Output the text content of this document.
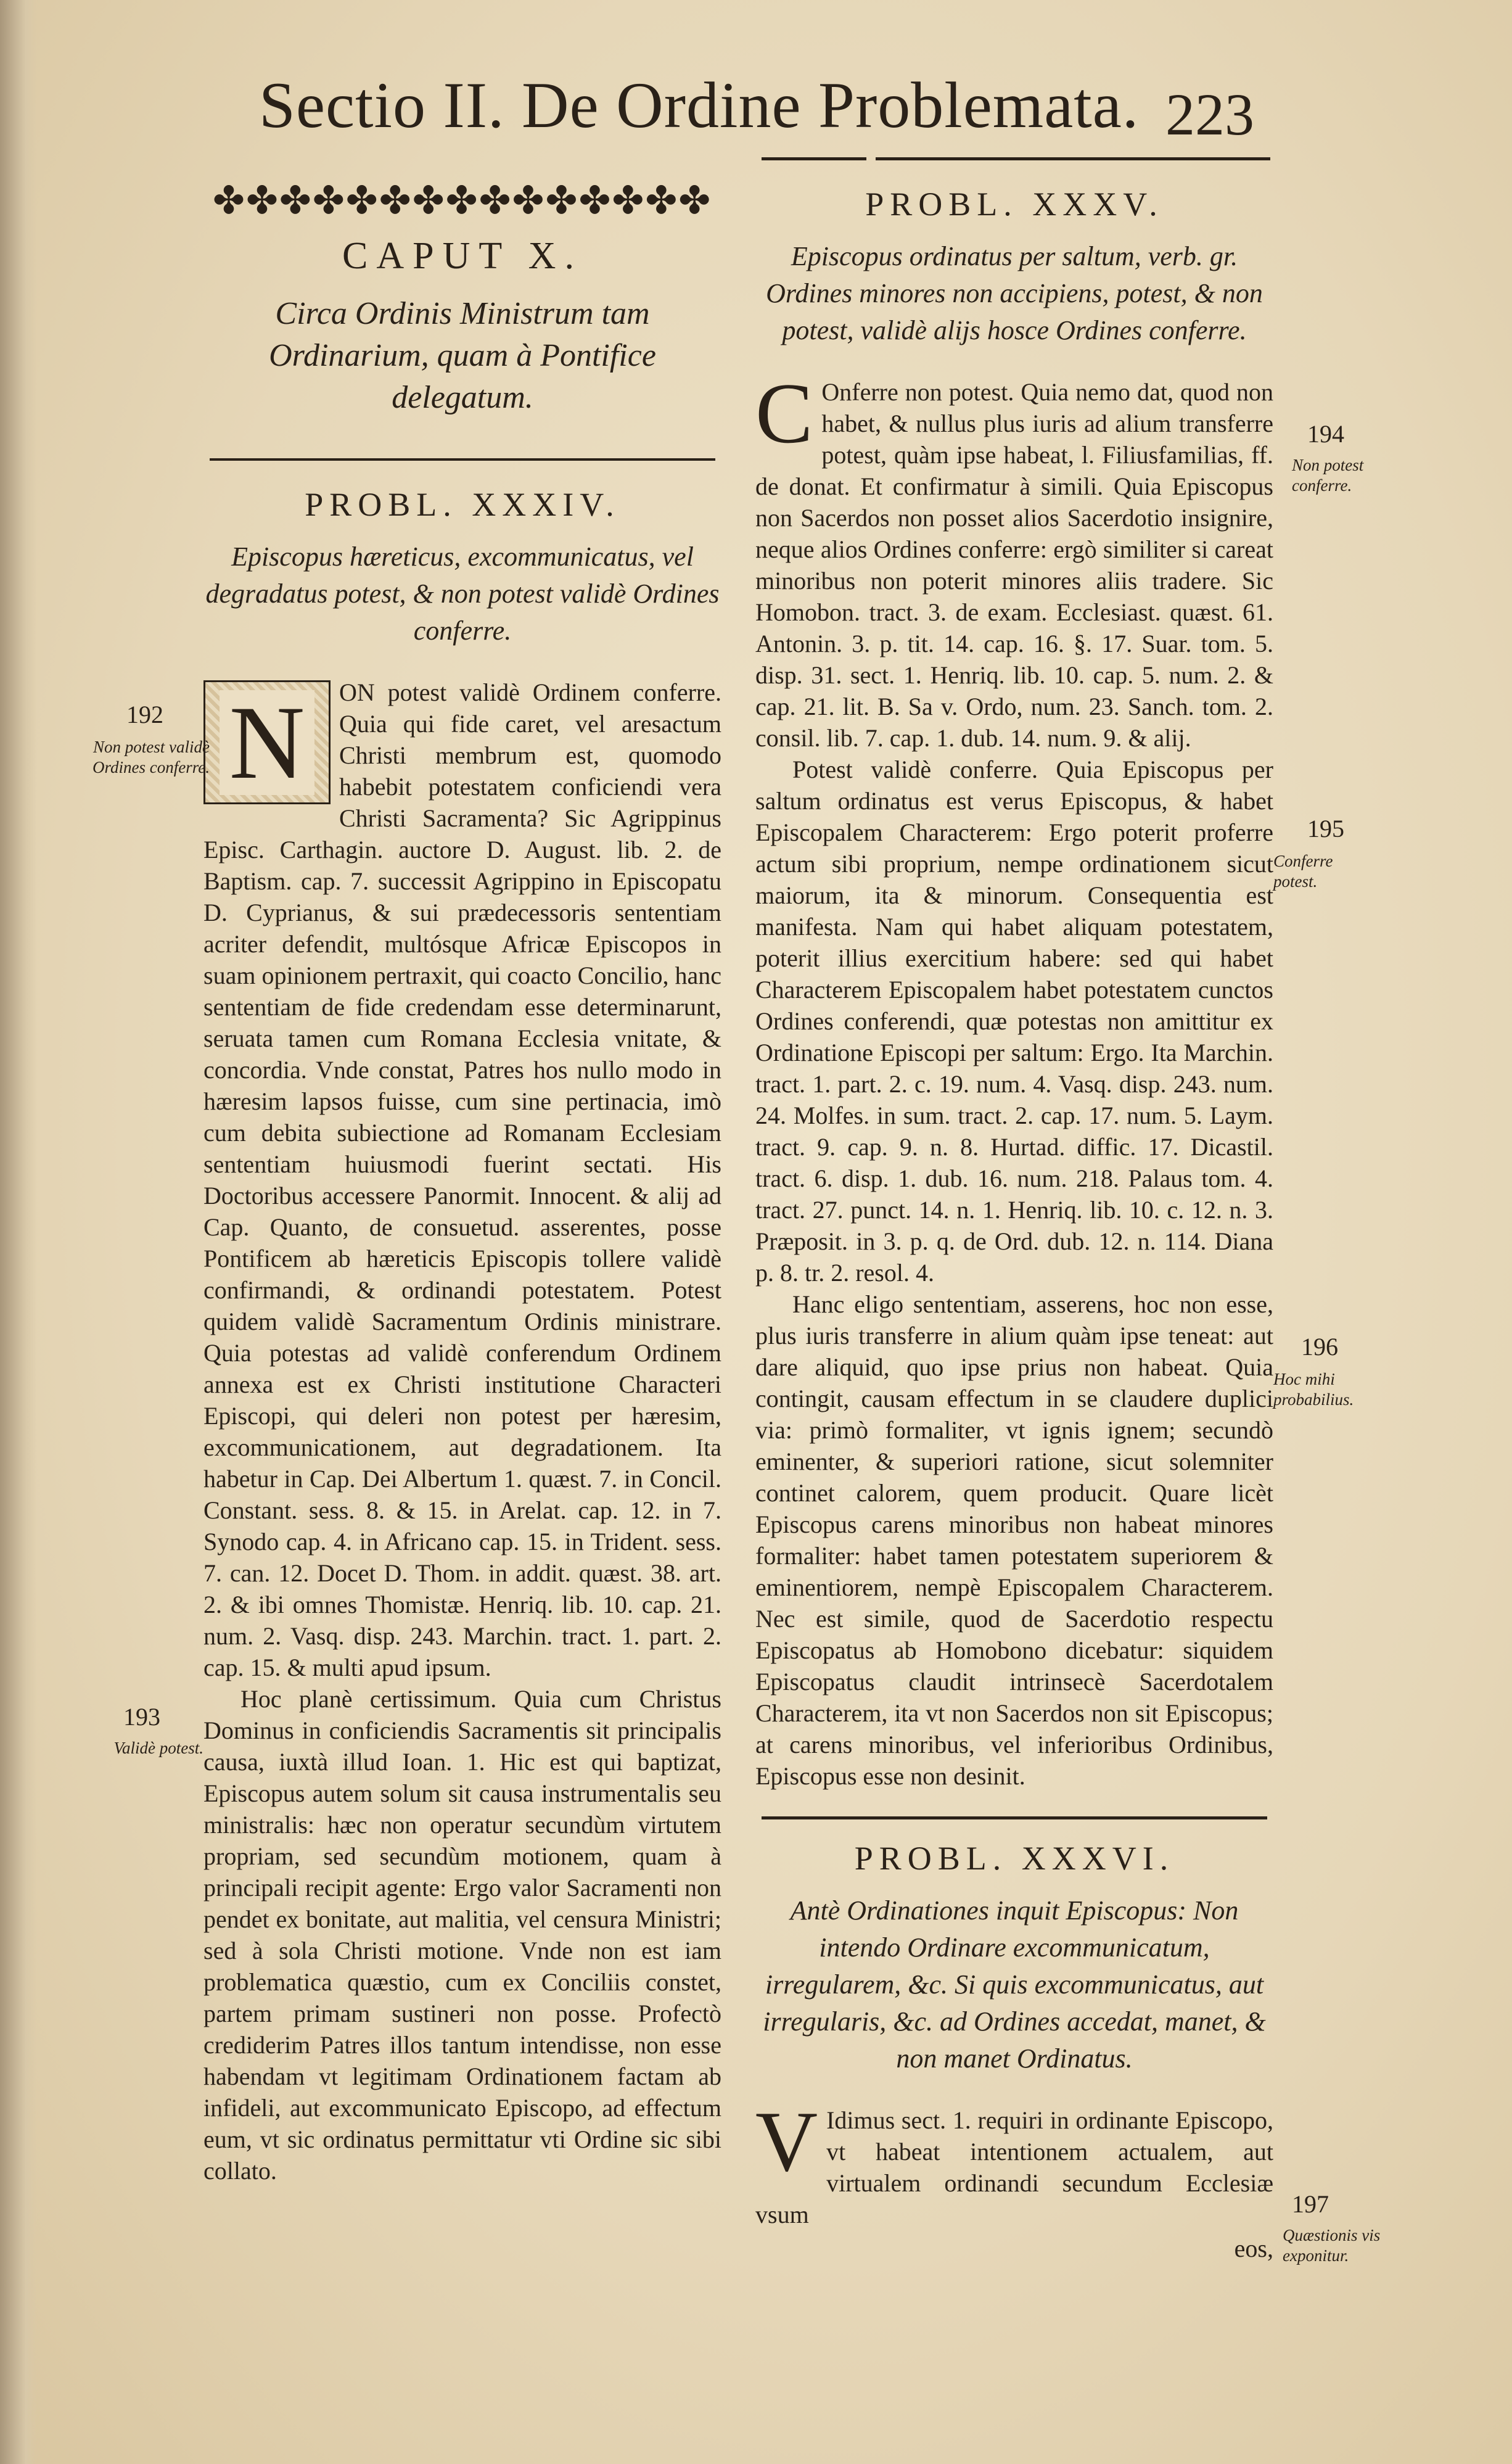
Sectio II. De Ordine Problemata. 223
✤✤✤✤✤✤✤✤✤✤✤✤✤✤✤
CAPUT X.
Circa Ordinis Ministrum tam Ordinarium, quam à Pontifice delegatum.
PROBL. XXXIV.
Episcopus hæreticus, excommunicatus, vel degradatus potest, & non potest validè Ordines conferre.

N	ON potest validè Ordinem conferre. Quia qui fide caret, vel aresactum Christi membrum est, quomodo habebit potestatem conficiendi vera Christi Sacramenta? Sic Agrippinus Episc. Carthagin. auctore D. August. lib. 2. de Baptism. cap. 7. successit Agrippino in Episcopatu D. Cyprianus, & sui prædecessoris sententiam acriter defendit, multósque Africæ Episcopos in suam opinionem pertraxit, qui coacto Concilio, hanc sententiam de fide credendam esse determinarunt, seruata tamen cum Romana Ecclesia vnitate, & concordia. Vnde constat, Patres hos nullo modo in hæresim lapsos fuisse, cum sine pertinacia, imò cum debita subiectione ad Romanam Ecclesiam sententiam huiusmodi fuerint sectati. His Doctoribus accessere Panormit. Innocent. & alij ad Cap. Quanto, de consuetud. asserentes, posse Pontificem ab hæreticis Episcopis tollere validè confirmandi, & ordinandi potestatem. Potest quidem validè Sacramentum Ordinis ministrare. Quia potestas ad validè conferendum Ordinem annexa est ex Christi institutione Characteri Episcopi, qui deleri non potest per hæresim, excommunicationem, aut degradationem. Ita habetur in Cap. Dei Albertum 1. quæst. 7. in Concil. Constant. sess. 8. & 15. in Arelat. cap. 12. in 7. Synodo cap. 4. in Africano cap. 15. in Trident. sess. 7. can. 12. Docet D. Thom. in addit. quæst. 38. art. 2. & ibi omnes Thomistæ. Henriq. lib. 10. cap. 21. num. 2. Vasq. disp. 243. Marchin. tract. 1. part. 2. cap. 15. & multi apud ipsum.

Hoc planè certissimum. Quia cum Christus Dominus in conficiendis Sacramentis sit principalis causa, iuxtà illud Ioan. 1. Hic est qui baptizat, Episcopus autem solum sit causa instrumentalis seu ministralis: hæc non operatur secundùm virtutem propriam, sed secundùm motionem, quam à principali recipit agente: Ergo valor Sacramenti non pendet ex bonitate, aut malitia, vel censura Ministri; sed à sola Christi motione. Vnde non est iam problematica quæstio, cum ex Conciliis constet, partem primam sustineri non posse. Profectò crediderim Patres illos tantum intendisse, non esse habendam vt legitimam Ordinationem factam ab infideli, aut excommunicato Episcopo, ad effectum eum, vt sic ordinatus permittatur vti Ordine sic sibi collato.

PROBL. XXXV.
Episcopus ordinatus per saltum, verb. gr. Ordines minores non accipiens, potest, & non potest, validè alijs hosce Ordines conferre.

C Onferre non potest. Quia nemo dat, quod non habet, & nullus plus iuris ad alium transferre potest, quàm ipse habeat, l. Filiusfamilias, ff. de donat. Et confirmatur à simili. Quia Episcopus non Sacerdos non posset alios Sacerdotio insignire, neque alios Ordines conferre: ergò similiter si careat minoribus non poterit minores aliis tradere. Sic Homobon. tract. 3. de exam. Ecclesiast. quæst. 61. Antonin. 3. p. tit. 14. cap. 16. §. 17. Suar. tom. 5. disp. 31. sect. 1. Henriq. lib. 10. cap. 5. num. 2. & cap. 21. lit. B. Sa v. Ordo, num. 23. Sanch. tom. 2. consil. lib. 7. cap. 1. dub. 14. num. 9. & alij.

Potest validè conferre. Quia Episcopus per saltum ordinatus est verus Episcopus, & habet Episcopalem Characterem: Ergo poterit proferre actum sibi proprium, nempe ordinationem sicut maiorum, ita & minorum. Consequentia est manifesta. Nam qui habet aliquam potestatem, poterit illius exercitium habere: sed qui habet Characterem Episcopalem habet potestatem cunctos Ordines conferendi, quæ potestas non amittitur ex Ordinatione Episcopi per saltum: Ergo. Ita Marchin. tract. 1. part. 2. c. 19. num. 4. Vasq. disp. 243. num. 24. Molfes. in sum. tract. 2. cap. 17. num. 5. Laym. tract. 9. cap. 9. n. 8. Hurtad. diffic. 17. Dicastil. tract. 6. disp. 1. dub. 16. num. 218. Palaus tom. 4. tract. 27. punct. 14. n. 1. Henriq. lib. 10. c. 12. n. 3. Præposit. in 3. p. q. de Ord. dub. 12. n. 114. Diana p. 8. tr. 2. resol. 4.

Hanc eligo sententiam, asserens, hoc non esse, plus iuris transferre in alium quàm ipse teneat: aut dare aliquid, quo ipse prius non habeat. Quia contingit, causam effectum in se claudere duplici via: primò formaliter, vt ignis ignem; secundò eminenter, & superiori ratione, sicut solemniter continet calorem, quem producit. Quare licèt Episcopus carens minoribus non habeat minores formaliter: habet tamen potestatem superiorem & eminentiorem, nempè Episcopalem Characterem. Nec est simile, quod de Sacerdotio respectu Episcopatus ab Homobono dicebatur: siquidem Episcopatus claudit intrinsecè Sacerdotalem Characterem, ita vt non Sacerdos non sit Episcopus; at carens minoribus, vel inferioribus Ordinibus, Episcopus esse non desinit.

PROBL. XXXVI.
Antè Ordinationes inquit Episcopus: Non intendo Ordinare excommunicatum, irregularem, &c. Si quis excommunicatus, aut irregularis, &c. ad Ordines accedat, manet, & non manet Ordinatus.

V Idimus sect. 1. requiri in ordinante Episcopo, vt habeat intentionem actualem, aut virtualem ordinandi secundum Ecclesiæ vsum

eos,
192
Non potest validè Ordines conferre.
193
Validè potest.
194
Non potest conferre.
195
Conferre potest.
196
Hoc mihi probabilius.
197
Quæstionis vis exponitur.
